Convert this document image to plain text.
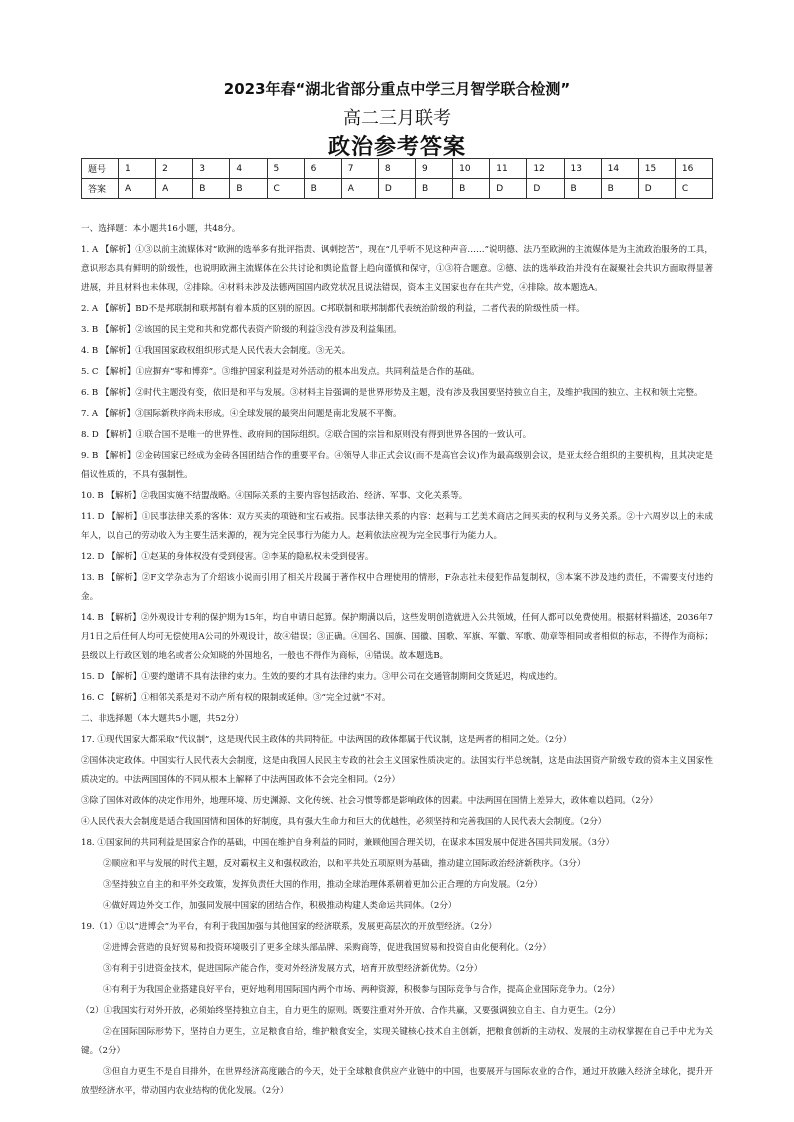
2023年春“湖北省部分重点中学三月智学联合检测”
高二三月联考
政治参考答案
题号	1	2	3	4	5	6	7	8	9	10	11	12	13	14	15	16
答案	A	A	B	B	C	B	A	D	B	B	D	D	B	B	D	C

一、选择题：本小题共16小题，共48分。

1. A 【解析】①③以前主流媒体对“欧洲的选举多有批评指责、讽刺挖苦”，现在“几乎听不见这种声音……”说明德、法乃至欧洲的主流媒体是为主流政治服务的工具，意识形态具有鲜明的阶级性，也说明欧洲主流媒体在公共讨论和舆论监督上趋向谨慎和保守，①③符合题意。②德、法的选举政治并没有在凝聚社会共识方面取得显著进展，并且材料也未体现，②排除。④材料未涉及法德两国国内政党状况且说法错误，资本主义国家也存在共产党，④排除。故本题选A。

2. A 【解析】BD不是邦联制和联邦制有着本质的区别的原因。C邦联制和联邦制都代表统治阶级的利益，二者代表的阶级性质一样。

3. B 【解析】②该国的民主党和共和党都代表资产阶级的利益③没有涉及利益集团。

4. B 【解析】①我国国家政权组织形式是人民代表大会制度。③无关。

5. C 【解析】①应摒弃“零和博弈”。③维护国家利益是对外活动的根本出发点。共同利益是合作的基础。

6. B 【解析】②时代主题没有变，依旧是和平与发展。③材料主旨强调的是世界形势及主题，没有涉及我国要坚持独立自主，及维护我国的独立、主权和领土完整。

7. A 【解析】③国际新秩序尚未形成。④全球发展的最突出问题是南北发展不平衡。

8. D 【解析】①联合国不是唯一的世界性、政府间的国际组织。②联合国的宗旨和原则没有得到世界各国的一致认可。

9. B 【解析】②金砖国家已经成为金砖各国团结合作的重要平台。④领导人非正式会议(而不是高官会议)作为最高级别会议，是亚太经合组织的主要机构，且其决定是倡议性质的，不具有强制性。

10. B 【解析】②我国实施不结盟战略。④国际关系的主要内容包括政治、经济、军事、文化关系等。

11. D 【解析】①民事法律关系的客体：双方买卖的项链和宝石戒指。民事法律关系的内容：赵莉与工艺美术商店之间买卖的权利与义务关系。②十六周岁以上的未成年人，以自己的劳动收入为主要生活来源的，视为完全民事行为能力人。赵莉依法应视为完全民事行为能力人。

12. D 【解析】①赵某的身体权没有受到侵害。②李某的隐私权未受到侵害。

13. B 【解析】②F文学杂志为了介绍该小说而引用了相关片段属于著作权中合理使用的情形，F杂志社未侵犯作品复制权，③本案不涉及违约责任，不需要支付违约金。

14. B 【解析】②外观设计专利的保护期为15年，均自申请日起算。保护期满以后，这些发明创造就进入公共领域，任何人都可以免费使用。根据材料描述，2036年7月1日之后任何人均可无偿使用A公司的外观设计，故④错误；③正确。④国名、国旗、国徽、国歌、军旗、军徽、军歌、勋章等相同或者相似的标志，不得作为商标；县级以上行政区划的地名或者公众知晓的外国地名，一般也不得作为商标，④错误。故本题选B。

15. D 【解析】①要约邀请不具有法律约束力。生效的要约才具有法律约束力。③甲公司在交通管制期间交货延迟，构成违约。

16. C 【解析】①相邻关系是对不动产所有权的限制或延伸。③“完全过就”不对。

二、非选择题（本大题共5小题，共52分）

17. ①现代国家大都采取“代议制”，这是现代民主政体的共同特征。中法两国的政体都属于代议制，这是两者的相同之处。（2分）

②国体决定政体。中国实行人民代表大会制度，这是由我国人民民主专政的社会主义国家性质决定的。法国实行半总统制，这是由法国资产阶级专政的资本主义国家性质决定的。中法两国国体的不同从根本上解释了中法两国政体不会完全相同。（2分）

③除了国体对政体的决定作用外，地理环境、历史渊源、文化传统、社会习惯等都是影响政体的因素。中法两国在国情上差异大，政体难以趋同。（2分）

④人民代表大会制度是适合我国国情和国体的好制度，具有强大生命力和巨大的优越性，必须坚持和完善我国的人民代表大会制度。（2分）

18. ①国家间的共同利益是国家合作的基础，中国在维护自身利益的同时，兼顾他国合理关切，在谋求本国发展中促进各国共同发展。（3分）

②顺应和平与发展的时代主题，反对霸权主义和强权政治，以和平共处五项原则为基础，推动建立国际政治经济新秩序。（3分）

③坚持独立自主的和平外交政策，发挥负责任大国的作用，推动全球治理体系朝着更加公正合理的方向发展。（2分）

④做好周边外交工作，加强同发展中国家的团结合作，积极推动构建人类命运共同体。（2分）

19.（1）①以“进博会”为平台，有利于我国加强与其他国家的经济联系，发展更高层次的开放型经济。（2分）

②进博会营造的良好贸易和投资环境吸引了更多全球头部品牌、采购商等，促进我国贸易和投资自由化便利化。（2分）

③有利于引进资金技术，促进国际产能合作，变对外经济发展方式，培育开放型经济新优势。（2分）

④有利于为我国企业搭建良好平台，更好地利用国际国内两个市场、两种资源，积极参与国际竞争与合作，提高企业国际竞争力。（2分）

（2）①我国实行对外开放，必须始终坚持独立自主，自力更生的原则。既要注重对外开放、合作共赢，又要强调独立自主、自力更生。（2分）

②在国际国际形势下，坚持自力更生，立足粮食自给，维护粮食安全，实现关键核心技术自主创新，把粮食创新的主动权、发展的主动权掌握在自己手中尤为关键。（2分）

③但自力更生不是自目排外，在世界经济高度融合的今天，处于全球粮食供应产业链中的中国，也要展开与国际农业的合作，通过开放融入经济全球化，提升开放型经济水平，带动国内农业结构的优化发展。（2分）
